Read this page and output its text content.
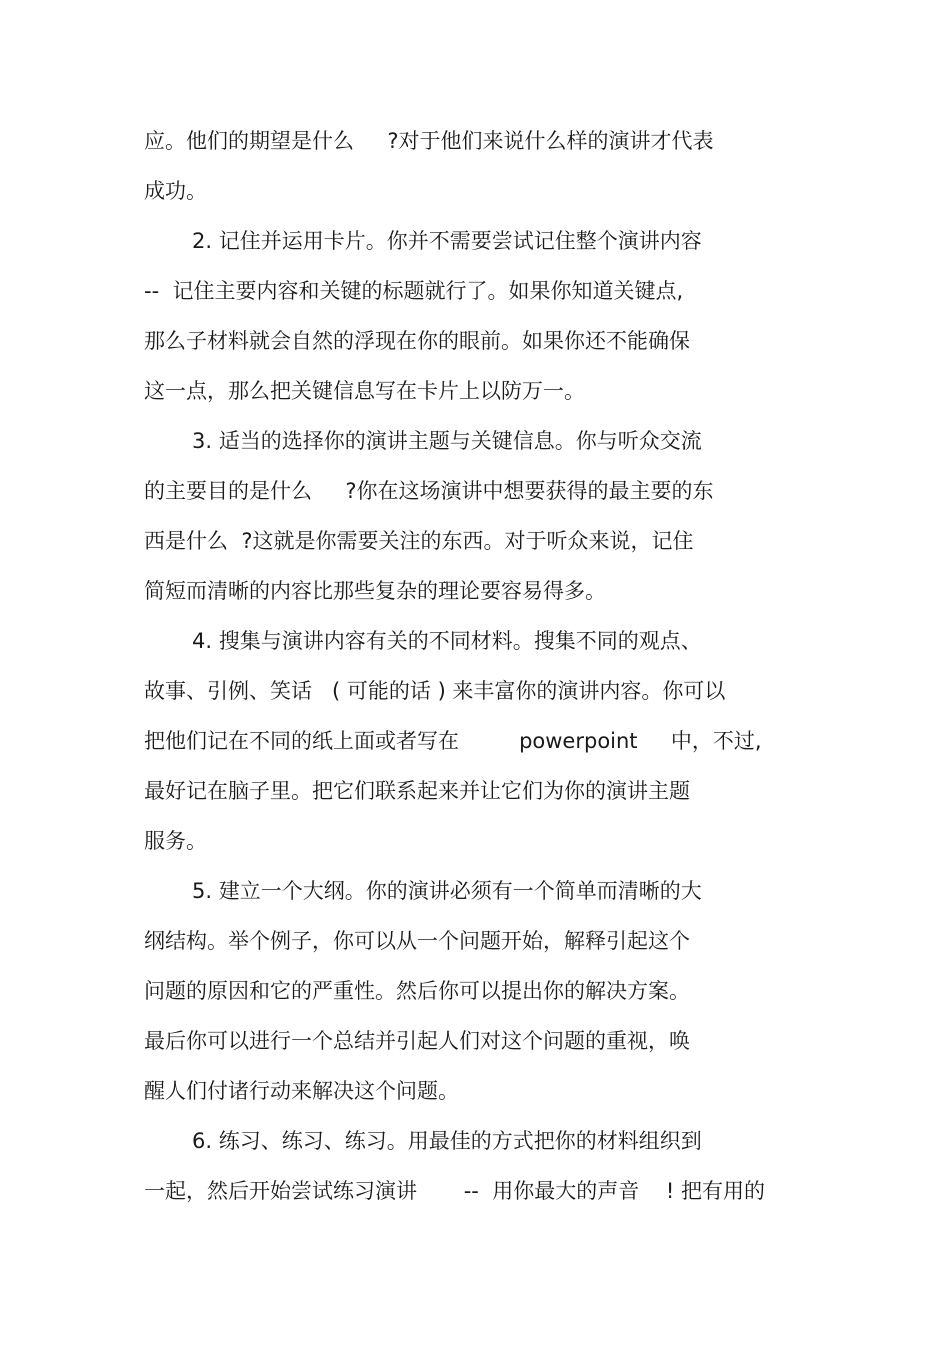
应。他们的期望是什么     ?对于他们来说什么样的演讲才代表
成功。
2. 记住并运用卡片。你并不需要尝试记住整个演讲内容
--  记住主要内容和关键的标题就行了。如果你知道关键点,
那么子材料就会自然的浮现在你的眼前。如果你还不能确保
这一点，那么把关键信息写在卡片上以防万一。
3. 适当的选择你的演讲主题与关键信息。你与听众交流
的主要目的是什么     ?你在这场演讲中想要获得的最主要的东
西是什么  ?这就是你需要关注的东西。对于听众来说，记住
简短而清晰的内容比那些复杂的理论要容易得多。
4. 搜集与演讲内容有关的不同材料。搜集不同的观点、
故事、引例、笑话   ( 可能的话 ) 来丰富你的演讲内容。你可以
把他们记在不同的纸上面或者写在         powerpoint     中，不过,
最好记在脑子里。把它们联系起来并让它们为你的演讲主题
服务。
5. 建立一个大纲。你的演讲必须有一个简单而清晰的大
纲结构。举个例子，你可以从一个问题开始，解释引起这个
问题的原因和它的严重性。然后你可以提出你的解决方案。
最后你可以进行一个总结并引起人们对这个问题的重视，唤
醒人们付诸行动来解决这个问题。
6. 练习、练习、练习。用最佳的方式把你的材料组织到
一起，然后开始尝试练习演讲       --  用你最大的声音    ! 把有用的
